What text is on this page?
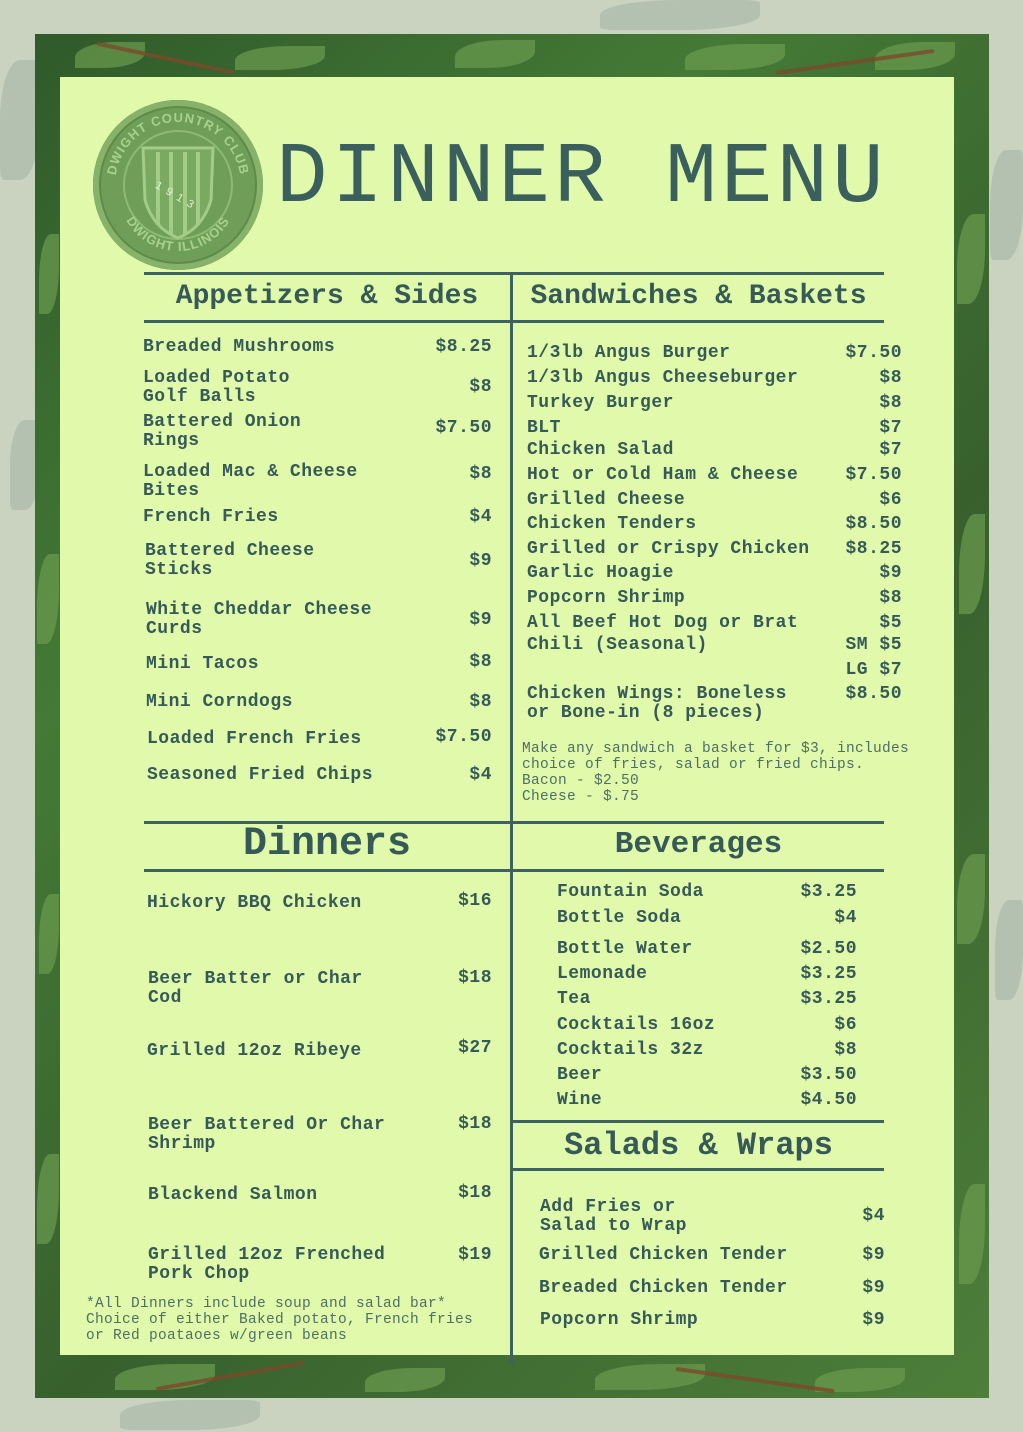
DWIGHT COUNTRY CLUB
DWIGHT ILLINOIS
1913 DINNER MENU
Appetizers & Sides	Sandwiches & Baskets
Dinners	Beverages
Salads & Wraps
Breaded Mushrooms	$8.25
Loaded Potato
Golf Balls	$8
Battered Onion
Rings
$7.50
Loaded Mac & Cheese
Bites
$8
French Fries	$4
Battered Cheese
Sticks	$9
White Cheddar Cheese
Curds	$9
Mini Tacos	$8
Mini Corndogs	$8
Loaded French Fries	$7.50
Seasoned Fried Chips	$4
1/3lb Angus Burger	$7.50
1/3lb Angus Cheeseburger	$8
Turkey Burger	$8
BLT	$7
Chicken Salad	$7
Hot or Cold Ham & Cheese	$7.50
Grilled Cheese	$6
Chicken Tenders	$8.50
Grilled or Crispy Chicken $8.25
Garlic Hoagie	$9
Popcorn Shrimp	$8
All Beef Hot Dog or Brat	$5
Chili (Seasonal)	SM $5
LG $7
Chicken Wings: Boneless
or Bone-in (8 pieces)
$8.50
Make any sandwich a basket for $3, includes
choice of fries, salad or fried chips.
Bacon - $2.50
Cheese - $.75
Hickory BBQ Chicken	$16
Beer Batter or Char
Cod
$18
Grilled 12oz Ribeye	$27
Beer Battered Or Char
Shrimp
$18
Blackend Salmon	$18
Grilled 12oz Frenched
Pork Chop
$19
*All Dinners include soup and salad bar*
Choice of either Baked potato, French fries
or Red poataoes w/green beans
Fountain Soda	$3.25
Bottle Soda	$4
Bottle Water	$2.50
Lemonade	$3.25
Tea	$3.25
Cocktails 16oz	$6
Cocktails 32z	$8
Beer	$3.50
Wine	$4.50
Add Fries or
Salad to Wrap	$4
Grilled Chicken Tender	$9
Breaded Chicken Tender	$9
Popcorn Shrimp	$9
